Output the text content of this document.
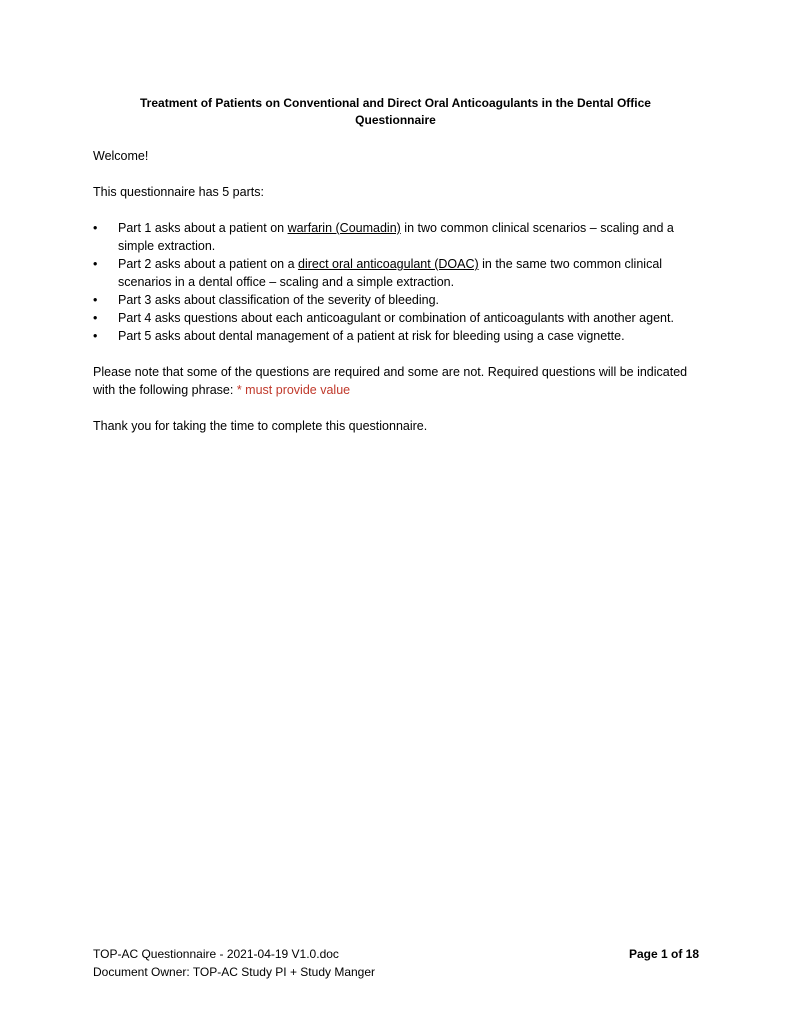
Treatment of Patients on Conventional and Direct Oral Anticoagulants in the Dental Office
Questionnaire

Welcome!

This questionnaire has 5 parts:

•	Part 1 asks about a patient on warfarin (Coumadin) in two common clinical scenarios – scaling and a simple extraction.
•	Part 2 asks about a patient on a direct oral anticoagulant (DOAC) in the same two common clinical scenarios in a dental office – scaling and a simple extraction.
•	Part 3 asks about classification of the severity of bleeding.
•	Part 4 asks questions about each anticoagulant or combination of anticoagulants with another agent.
•	Part 5 asks about dental management of a patient at risk for bleeding using a case vignette.

Please note that some of the questions are required and some are not. Required questions will be indicated with the following phrase: * must provide value

Thank you for taking the time to complete this questionnaire.

TOP-AC Questionnaire - 2021-04-19 V1.0.doc	Page 1 of 18
Document Owner: TOP-AC Study PI + Study Manger
